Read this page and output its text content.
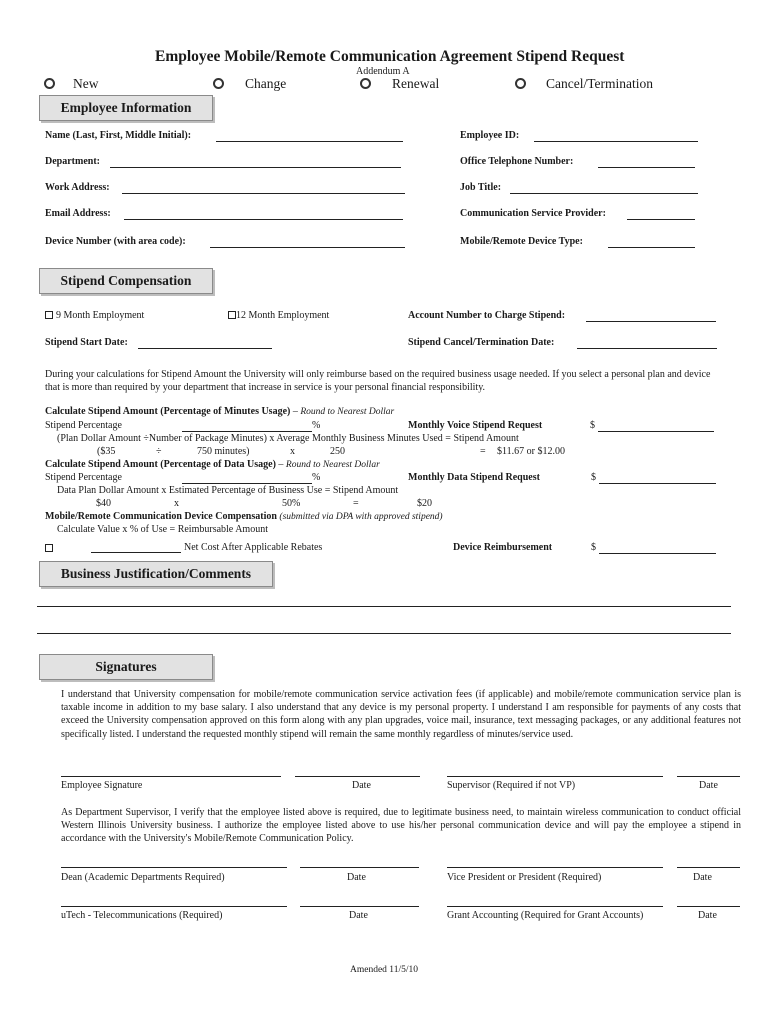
Employee Mobile/Remote Communication Agreement Stipend Request
Addendum A
New	Change	Renewal	Cancel/Termination
Employee Information
Name (Last, First, Middle Initial):	Employee ID:
Department:	Office Telephone Number:
Work Address:	Job Title:
Email Address:	Communication Service Provider:
Device Number (with area code):	Mobile/Remote Device Type:
Stipend Compensation
9 Month Employment	12 Month Employment	Account Number to Charge Stipend:
Stipend Start Date:	Stipend Cancel/Termination Date:
During your calculations for Stipend Amount the University will only reimburse based on the required business usage needed. If you select a personal plan and device that is more than required by your department that increase in service is your personal financial responsibility.
Calculate Stipend Amount (Percentage of Minutes Usage) – Round to Nearest Dollar
Stipend Percentage	%	Monthly Voice Stipend Request	$
(Plan Dollar Amount ÷Number of Package Minutes) x Average Monthly Business Minutes Used = Stipend Amount
($35	÷	750 minutes)	x	250	= $11.67 or $12.00
Calculate Stipend Amount (Percentage of Data Usage) – Round to Nearest Dollar
Stipend Percentage	%	Monthly Data Stipend Request	$
Data Plan Dollar Amount x Estimated Percentage of Business Use = Stipend Amount
$40	x	50%	=	$20
Mobile/Remote Communication Device Compensation (submitted via DPA with approved stipend)
Calculate Value x % of Use = Reimbursable Amount
Net Cost After Applicable Rebates	Device Reimbursement	$
Business Justification/Comments
Signatures
I understand that University compensation for mobile/remote communication service activation fees (if applicable) and mobile/remote communication service plan is taxable income in addition to my base salary. I also understand that any device is my personal property. I understand I am responsible for payments of any costs that exceed the University compensation approved on this form along with any plan upgrades, voice mail, insurance, text messaging packages, or any additional features not specifically listed. I understand the requested monthly stipend will remain the same monthly regardless of minutes/service used.
Employee Signature	Date	Supervisor (Required if not VP)	Date
As Department Supervisor, I verify that the employee listed above is required, due to legitimate business need, to maintain wireless communication to conduct official Western Illinois University business. I authorize the employee listed above to use his/her personal communication device and will pay the employee a stipend in accordance with the University's Mobile/Remote Communication Policy.
Dean (Academic Departments Required)	Date	Vice President or President (Required)	Date
uTech - Telecommunications (Required)	Date	Grant Accounting (Required for Grant Accounts)	Date
Amended 11/5/10
